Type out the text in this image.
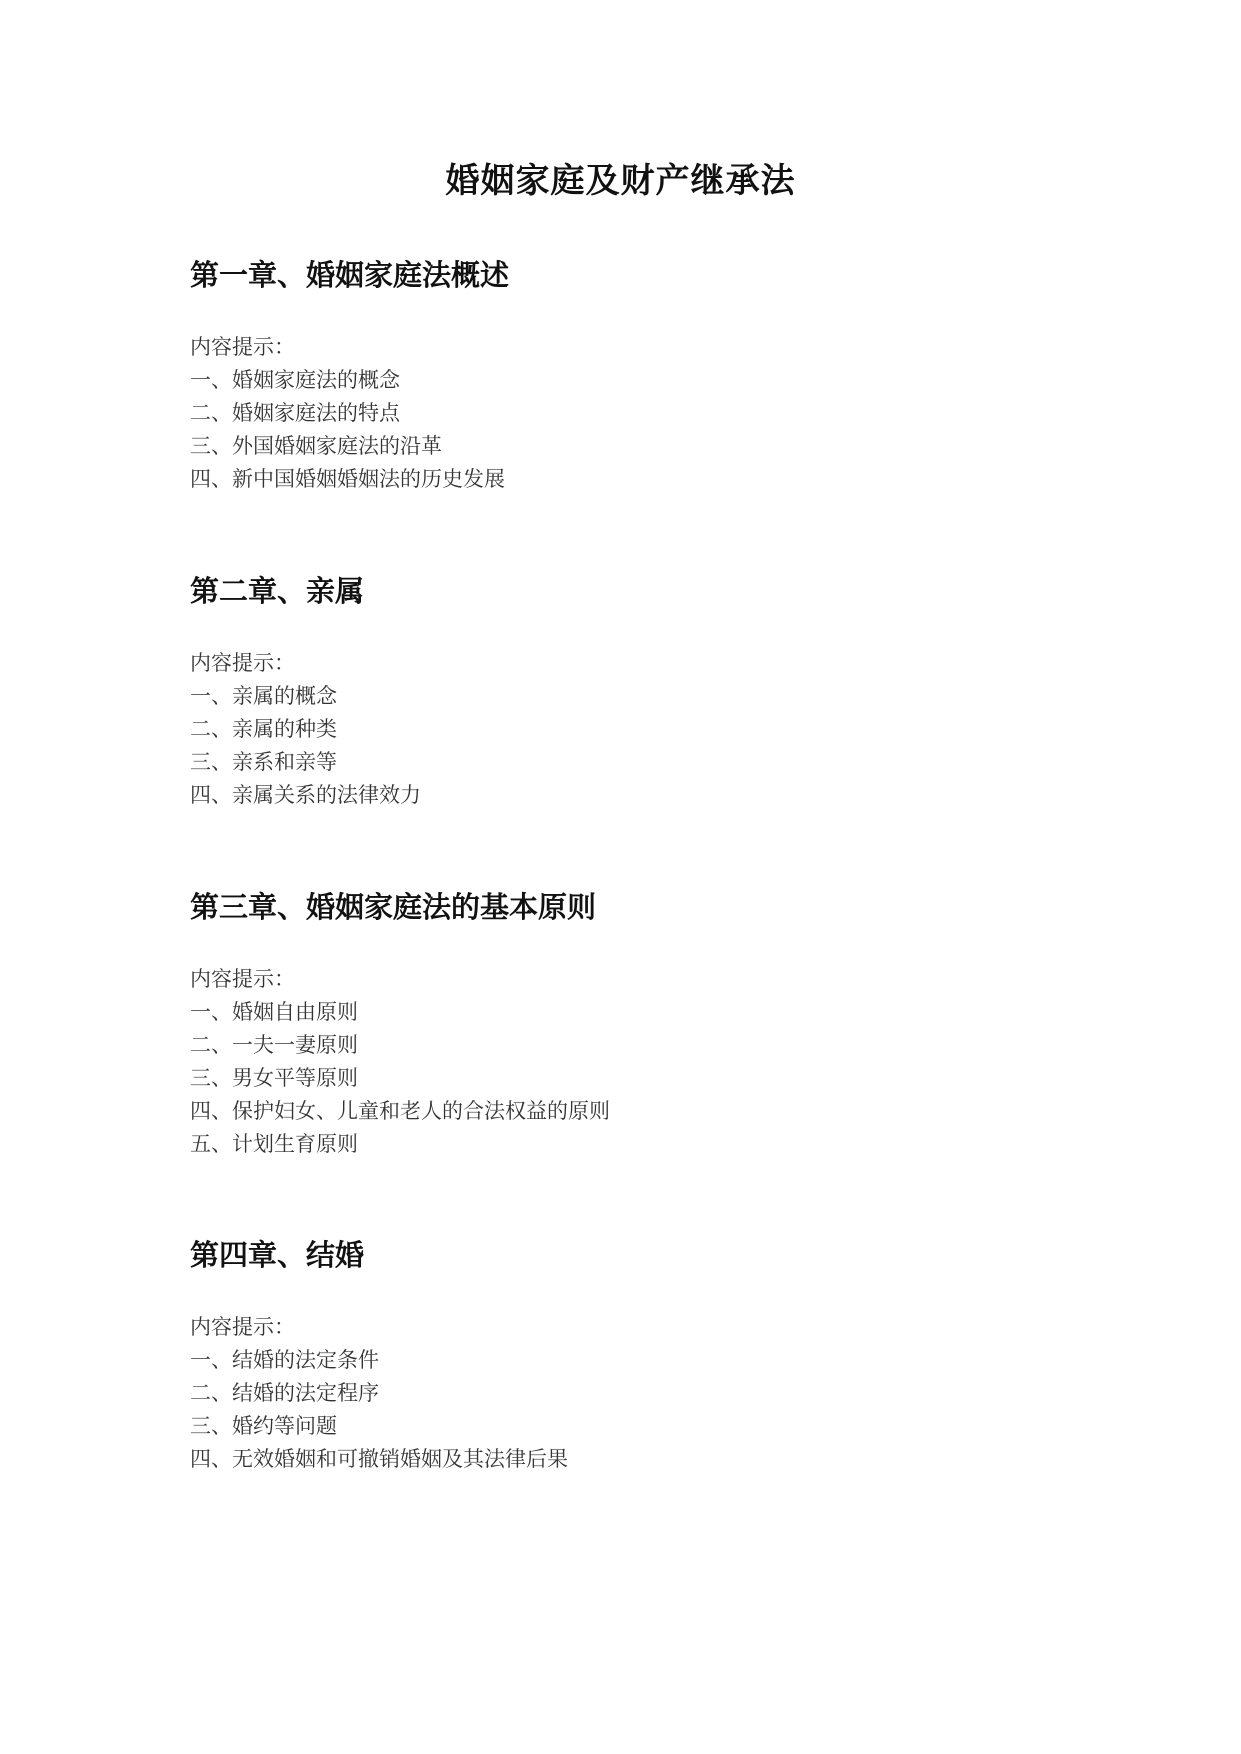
婚姻家庭及财产继承法
第一章、婚姻家庭法概述

内容提示：

一、婚姻家庭法的概念
二、婚姻家庭法的特点
三、外国婚姻家庭法的沿革
四、新中国婚姻婚姻法的历史发展
第二章、亲属

内容提示：

一、亲属的概念
二、亲属的种类
三、亲系和亲等
四、亲属关系的法律效力
第三章、婚姻家庭法的基本原则

内容提示：

一、婚姻自由原则
二、一夫一妻原则
三、男女平等原则
四、保护妇女、儿童和老人的合法权益的原则
五、计划生育原则
第四章、结婚

内容提示：

一、结婚的法定条件
二、结婚的法定程序
三、婚约等问题
四、无效婚姻和可撤销婚姻及其法律后果
